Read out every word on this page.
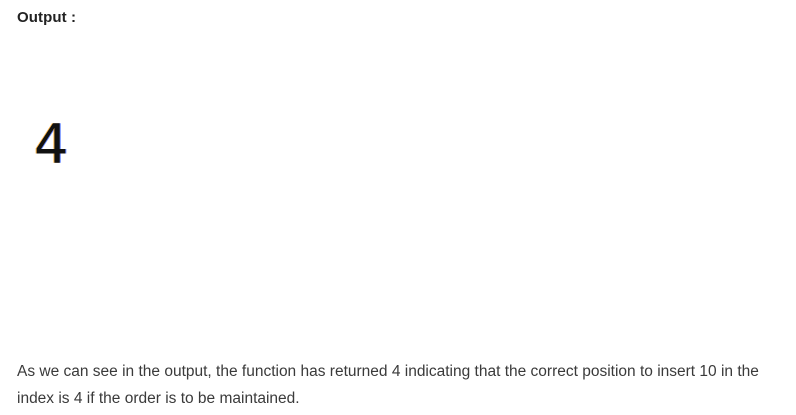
Output :
4

As we can see in the output, the function has returned 4 indicating that the correct position to insert 10 in the index is 4 if the order is to be maintained.
